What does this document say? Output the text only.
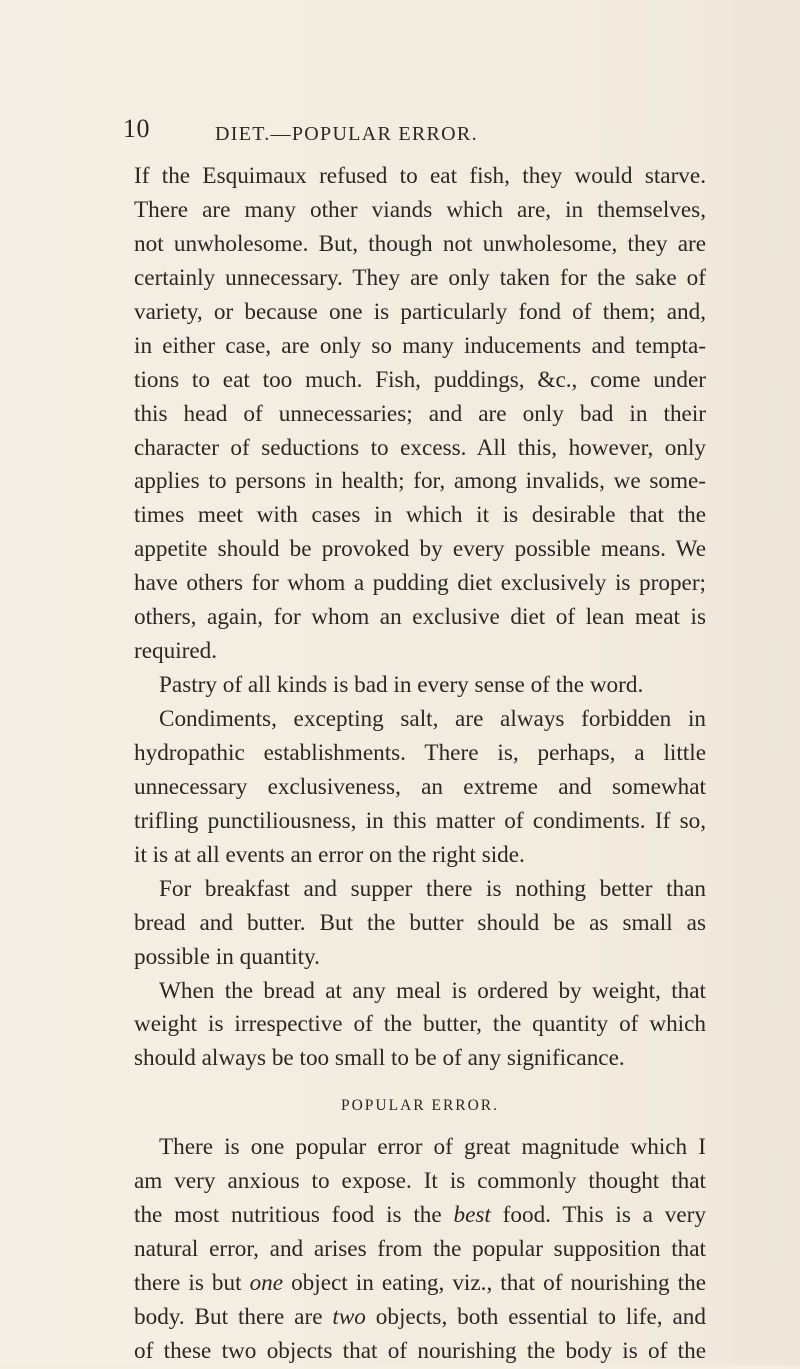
10	DIET.—POPULAR ERROR.
If the Esquimaux refused to eat fish, they would starve.
There are many other viands which are, in themselves,
not unwholesome. But, though not unwholesome, they are
certainly unnecessary. They are only taken for the sake of
variety, or because one is particularly fond of them; and,
in either case, are only so many inducements and tempta-
tions to eat too much. Fish, puddings, &c., come under
this head of unnecessaries; and are only bad in their
character of seductions to excess. All this, however, only
applies to persons in health; for, among invalids, we some-
times meet with cases in which it is desirable that the
appetite should be provoked by every possible means. We
have others for whom a pudding diet exclusively is proper;
others, again, for whom an exclusive diet of lean meat is
required.
Pastry of all kinds is bad in every sense of the word.
Condiments, excepting salt, are always forbidden in
hydropathic establishments. There is, perhaps, a little
unnecessary exclusiveness, an extreme and somewhat
trifling punctiliousness, in this matter of condiments. If so,
it is at all events an error on the right side.
For breakfast and supper there is nothing better than
bread and butter. But the butter should be as small as
possible in quantity.
When the bread at any meal is ordered by weight, that
weight is irrespective of the butter, the quantity of which
should always be too small to be of any significance.
POPULAR ERROR.
There is one popular error of great magnitude which I
am very anxious to expose. It is commonly thought that
the most nutritious food is the best food. This is a very
natural error, and arises from the popular supposition that
there is but one object in eating, viz., that of nourishing the
body. But there are two objects, both essential to life, and
of these two objects that of nourishing the body is of the
